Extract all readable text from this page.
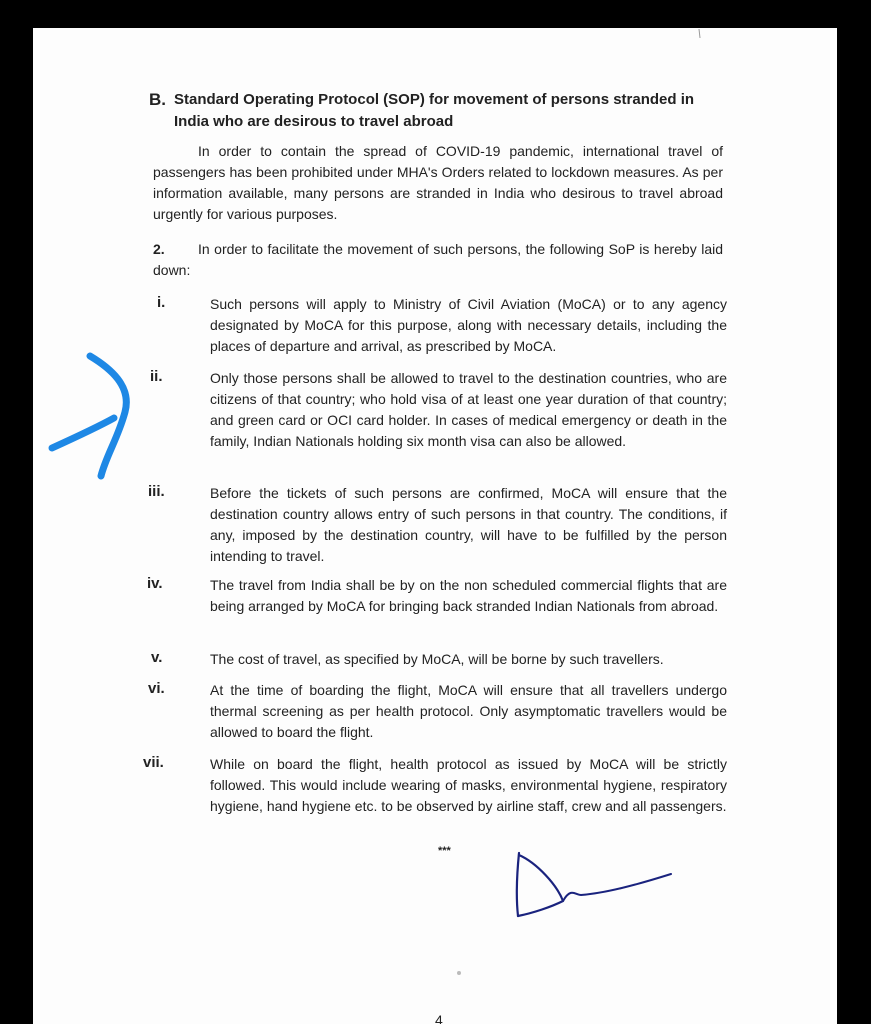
B. Standard Operating Protocol (SOP) for movement of persons stranded in India who are desirous to travel abroad
In order to contain the spread of COVID-19 pandemic, international travel of passengers has been prohibited under MHA's Orders related to lockdown measures. As per information available, many persons are stranded in India who desirous to travel abroad urgently for various purposes.
2. In order to facilitate the movement of such persons, the following SoP is hereby laid down:
i.	Such persons will apply to Ministry of Civil Aviation (MoCA) or to any agency designated by MoCA for this purpose, along with necessary details, including the places of departure and arrival, as prescribed by MoCA.
ii.	Only those persons shall be allowed to travel to the destination countries, who are citizens of that country; who hold visa of at least one year duration of that country; and green card or OCI card holder. In cases of medical emergency or death in the family, Indian Nationals holding six month visa can also be allowed.
iii.	Before the tickets of such persons are confirmed, MoCA will ensure that the destination country allows entry of such persons in that country. The conditions, if any, imposed by the destination country, will have to be fulfilled by the person intending to travel.
iv.	The travel from India shall be by on the non scheduled commercial flights that are being arranged by MoCA for bringing back stranded Indian Nationals from abroad.
v.	The cost of travel, as specified by MoCA, will be borne by such travellers.
vi.	At the time of boarding the flight, MoCA will ensure that all travellers undergo thermal screening as per health protocol. Only asymptomatic travellers would be allowed to board the flight.
vii.	While on board the flight, health protocol as issued by MoCA will be strictly followed. This would include wearing of masks, environmental hygiene, respiratory hygiene, hand hygiene etc. to be observed by airline staff, crew and all passengers.
***
4
